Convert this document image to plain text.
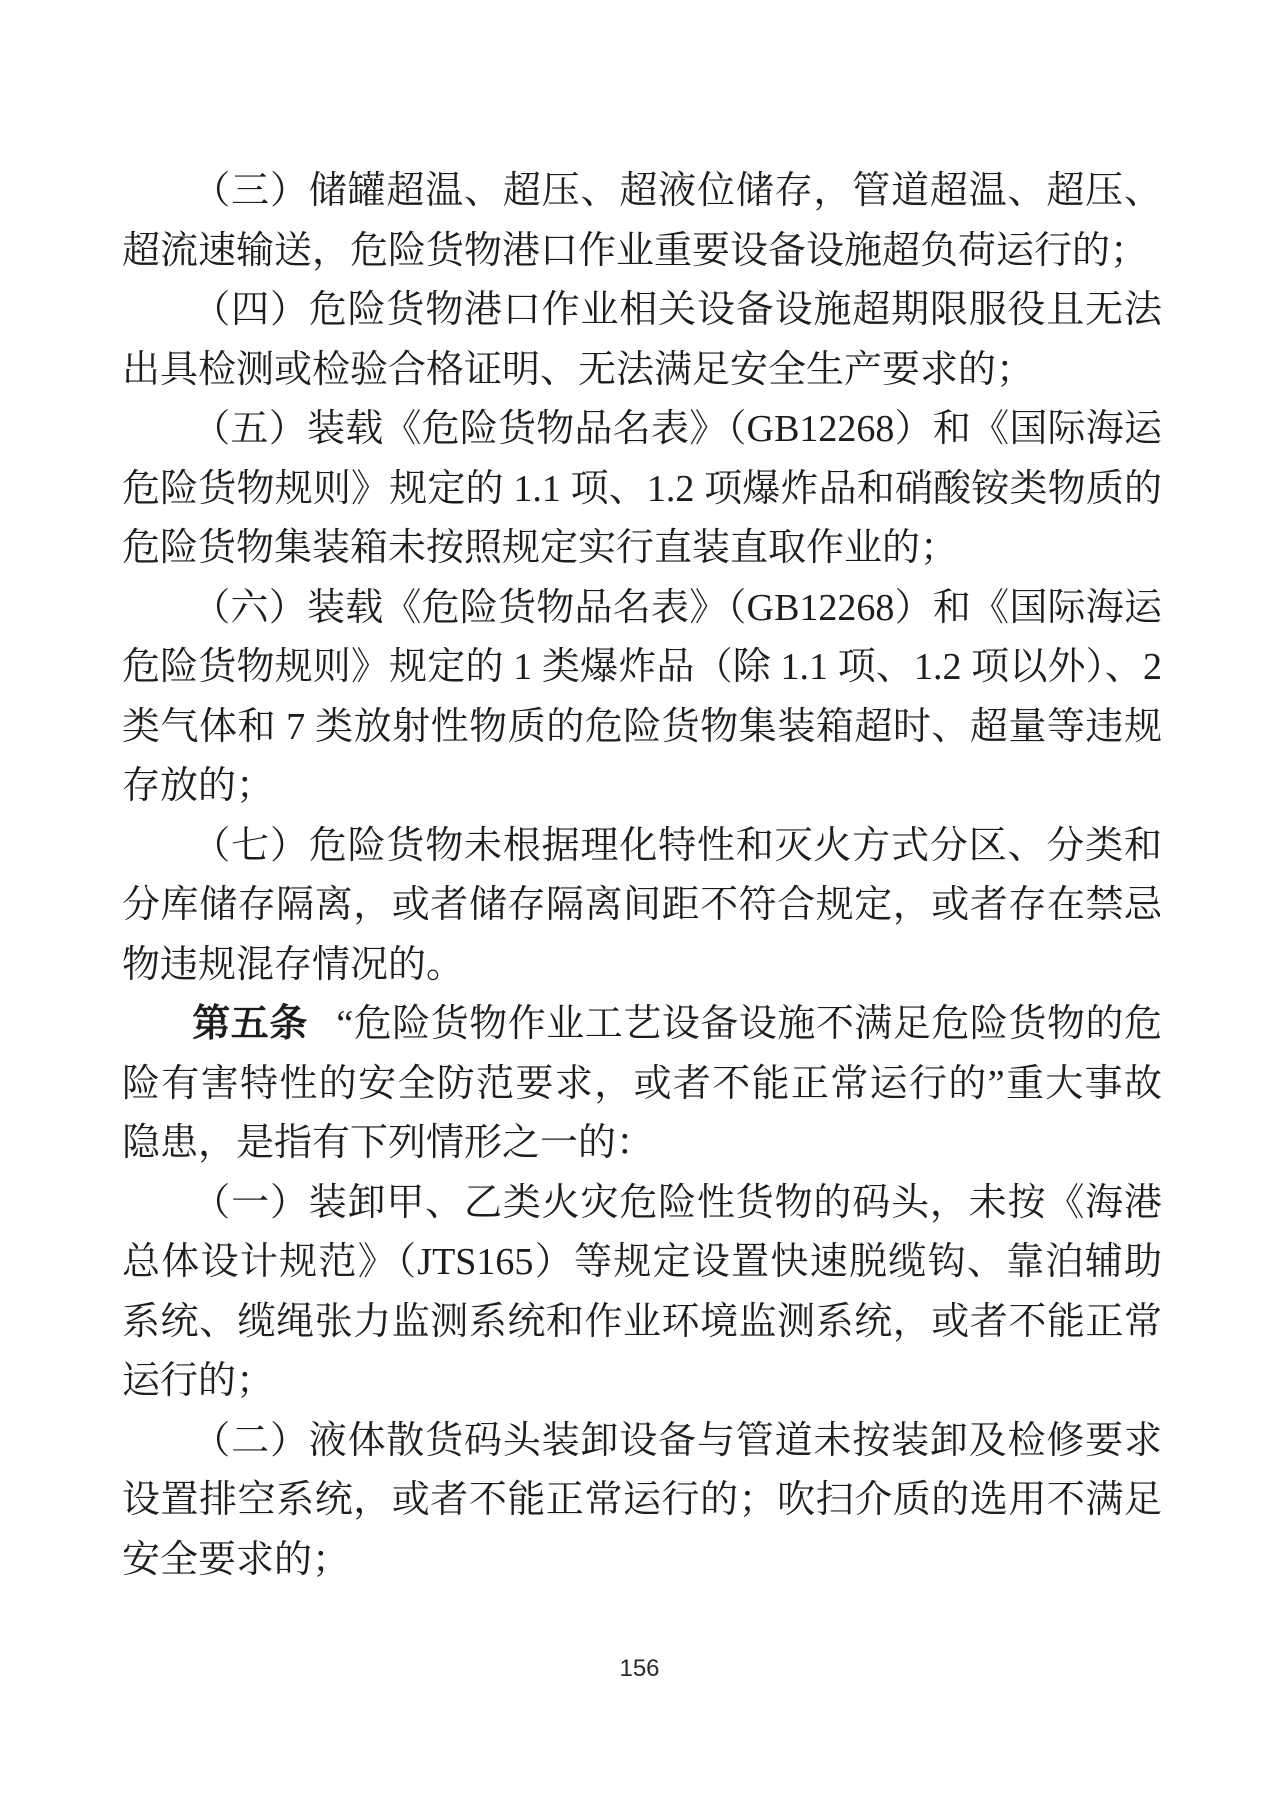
（三）储罐超温、超压、超液位储存，管道超温、超压、超流速输送，危险货物港口作业重要设备设施超负荷运行的；

（四）危险货物港口作业相关设备设施超期限服役且无法出具检测或检验合格证明、无法满足安全生产要求的；

（五）装载《危险货物品名表》（GB12268）和《国际海运危险货物规则》规定的 1.1 项、1.2 项爆炸品和硝酸铵类物质的危险货物集装箱未按照规定实行直装直取作业的；

（六）装载《危险货物品名表》（GB12268）和《国际海运危险货物规则》规定的 1 类爆炸品（除 1.1 项、1.2 项以外）、2 类气体和 7 类放射性物质的危险货物集装箱超时、超量等违规存放的；

（七）危险货物未根据理化特性和灭火方式分区、分类和分库储存隔离，或者储存隔离间距不符合规定，或者存在禁忌物违规混存情况的。

第五条 “危险货物作业工艺设备设施不满足危险货物的危险有害特性的安全防范要求，或者不能正常运行的”重大事故隐患，是指有下列情形之一的：

（一）装卸甲、乙类火灾危险性货物的码头，未按《海港总体设计规范》（JTS165）等规定设置快速脱缆钩、靠泊辅助系统、缆绳张力监测系统和作业环境监测系统，或者不能正常运行的；

（二）液体散货码头装卸设备与管道未按装卸及检修要求设置排空系统，或者不能正常运行的；吹扫介质的选用不满足安全要求的；

156
